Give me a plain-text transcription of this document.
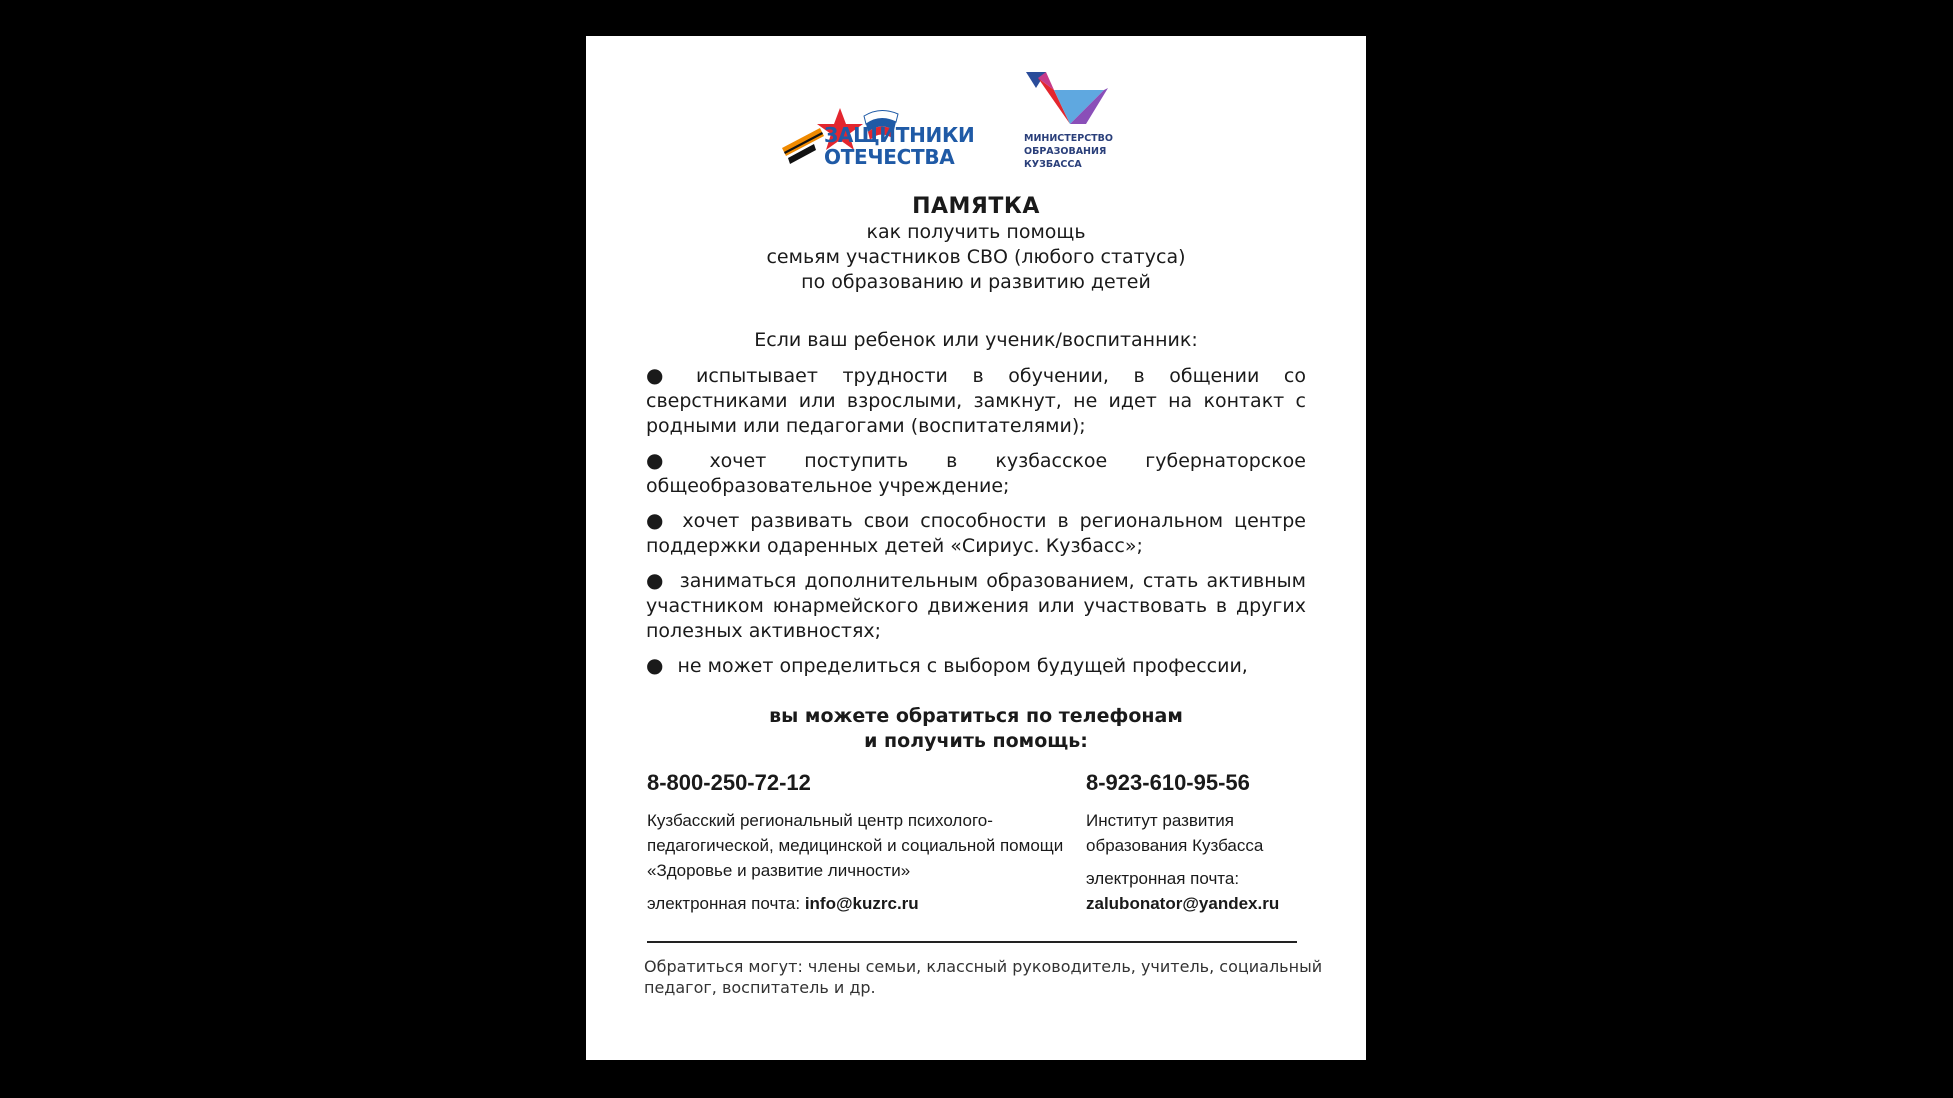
ЗАЩИТНИКИ
ОТЕЧЕСТВА
МИНИСТЕРСТВО
ОБРАЗОВАНИЯ
КУЗБАССА
ПАМЯТКА
как получить помощь
семьям участников СВО (любого статуса)
по образованию и развитию детей
Если ваш ребенок или ученик/воспитанник:
● испытывает трудности в обучении, в общении со сверстниками или взрослыми, замкнут, не идет на контакт с родными или педагогами (воспитателями);
● хочет поступить в кузбасское губернаторское общеобразовательное учреждение;
● хочет развивать свои способности в региональном центре поддержки одаренных детей «Сириус. Кузбасс»;
● заниматься дополнительным образованием, стать активным участником юнармейского движения или участвовать в других полезных активностях;
● не может определиться с выбором будущей профессии,
вы можете обратиться по телефонам
и получить помощь:
8-800-250-72-12
Кузбасский региональный центр психолого-педагогической, медицинской и социальной помощи «Здоровье и развитие личности»
электронная почта: info@kuzrc.ru
8-923-610-95-56
Институт развития образования Кузбасса
электронная почта:
zalubonator@yandex.ru
Обратиться могут: члены семьи, классный руководитель, учитель, социальный педагог, воспитатель и др.
